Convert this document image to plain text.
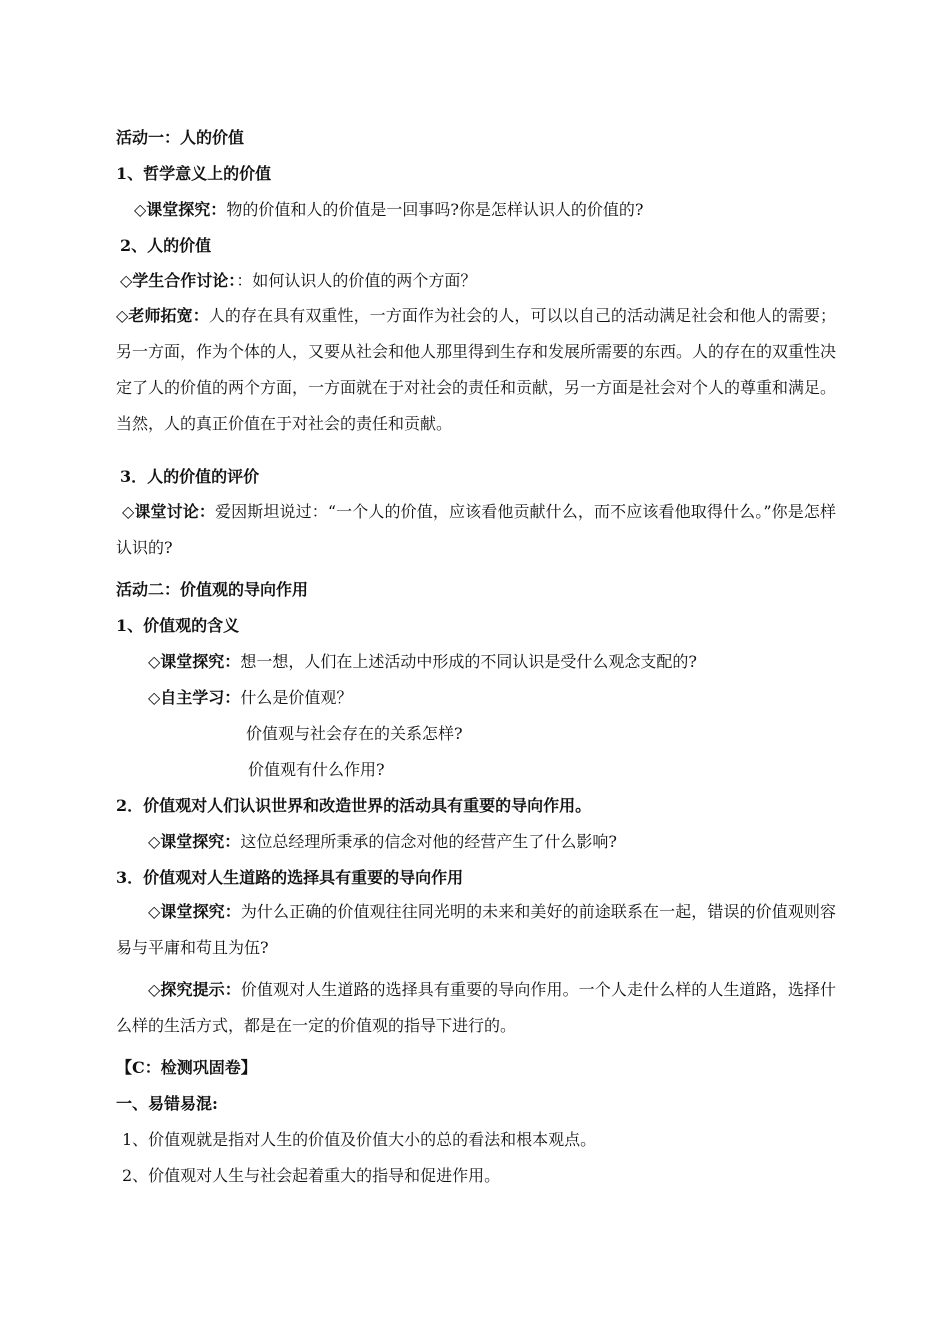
活动一：人的价值
1、哲学意义上的价值
◇课堂探究：物的价值和人的价值是一回事吗?你是怎样认识人的价值的?
2、人的价值
◇学生合作讨论：：如何认识人的价值的两个方面？
◇老师拓宽：人的存在具有双重性，一方面作为社会的人，可以以自己的活动满足社会和他人的需要；另一方面，作为个体的人，又要从社会和他人那里得到生存和发展所需要的东西。人的存在的双重性决定了人的价值的两个方面，一方面就在于对社会的责任和贡献，另一方面是社会对个人的尊重和满足。当然，人的真正价值在于对社会的责任和贡献。
3．人的价值的评价
◇课堂讨论：爱因斯坦说过：“一个人的价值，应该看他贡献什么，而不应该看他取得什么。”你是怎样认识的?
活动二：价值观的导向作用
1、价值观的含义
◇课堂探究：想一想，人们在上述活动中形成的不同认识是受什么观念支配的?
◇自主学习：什么是价值观？
价值观与社会存在的关系怎样?
价值观有什么作用?
2．价值观对人们认识世界和改造世界的活动具有重要的导向作用。
◇课堂探究：这位总经理所秉承的信念对他的经营产生了什么影响?
3．价值观对人生道路的选择具有重要的导向作用
◇课堂探究：为什么正确的价值观往往同光明的未来和美好的前途联系在一起，错误的价值观则容易与平庸和苟且为伍?
◇探究提示：价值观对人生道路的选择具有重要的导向作用。一个人走什么样的人生道路，选择什么样的生活方式，都是在一定的价值观的指导下进行的。
【C：检测巩固卷】
一、易错易混:
1、价值观就是指对人生的价值及价值大小的总的看法和根本观点。
2、价值观对人生与社会起着重大的指导和促进作用。
